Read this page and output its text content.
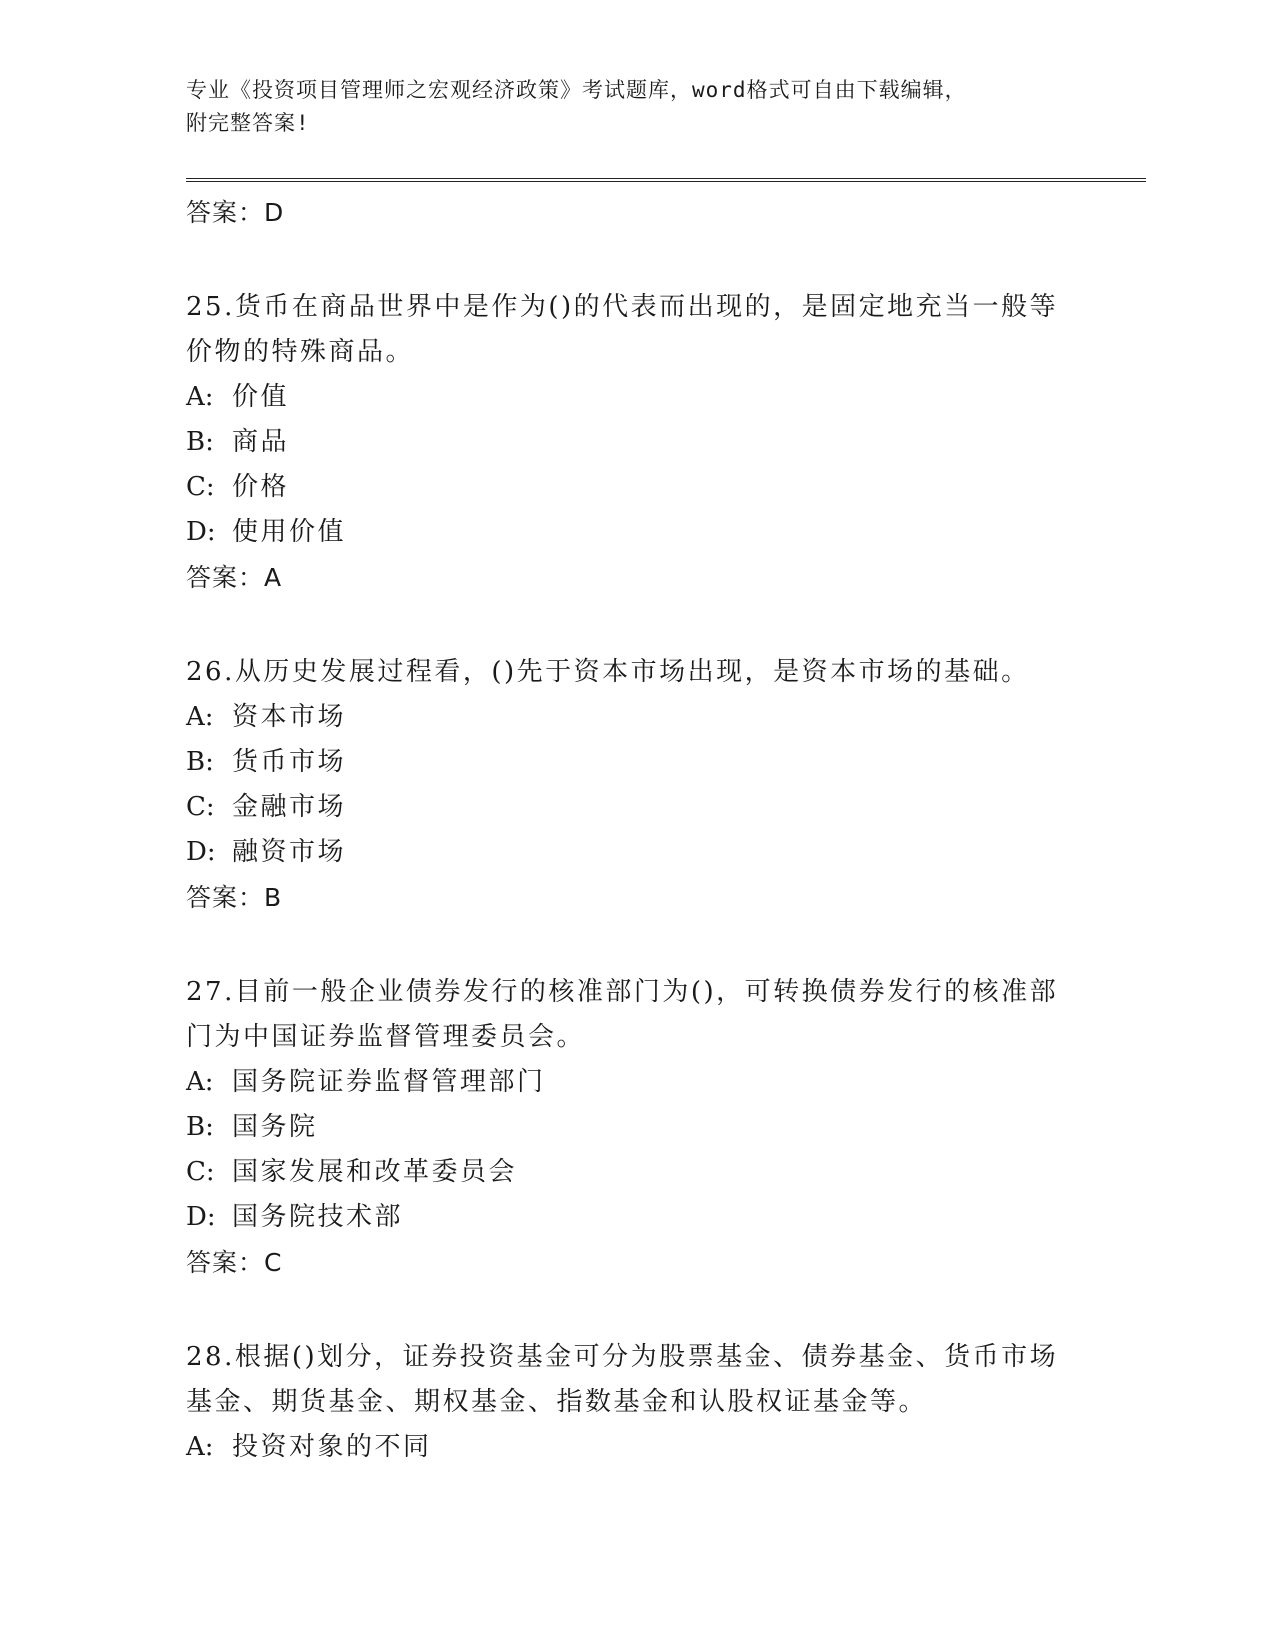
专业《投资项目管理师之宏观经济政策》考试题库，word格式可自由下载编辑，
附完整答案!
答案：D
25.货币在商品世界中是作为()的代表而出现的，是固定地充当一般等
价物的特殊商品。
A: 价值
B: 商品
C: 价格
D: 使用价值
答案：A
26.从历史发展过程看，()先于资本市场出现，是资本市场的基础。
A: 资本市场
B: 货币市场
C: 金融市场
D: 融资市场
答案：B
27.目前一般企业债券发行的核准部门为()，可转换债券发行的核准部
门为中国证券监督管理委员会。
A: 国务院证券监督管理部门
B: 国务院
C: 国家发展和改革委员会
D: 国务院技术部
答案：C
28.根据()划分，证券投资基金可分为股票基金、债券基金、货币市场
基金、期货基金、期权基金、指数基金和认股权证基金等。
A: 投资对象的不同
